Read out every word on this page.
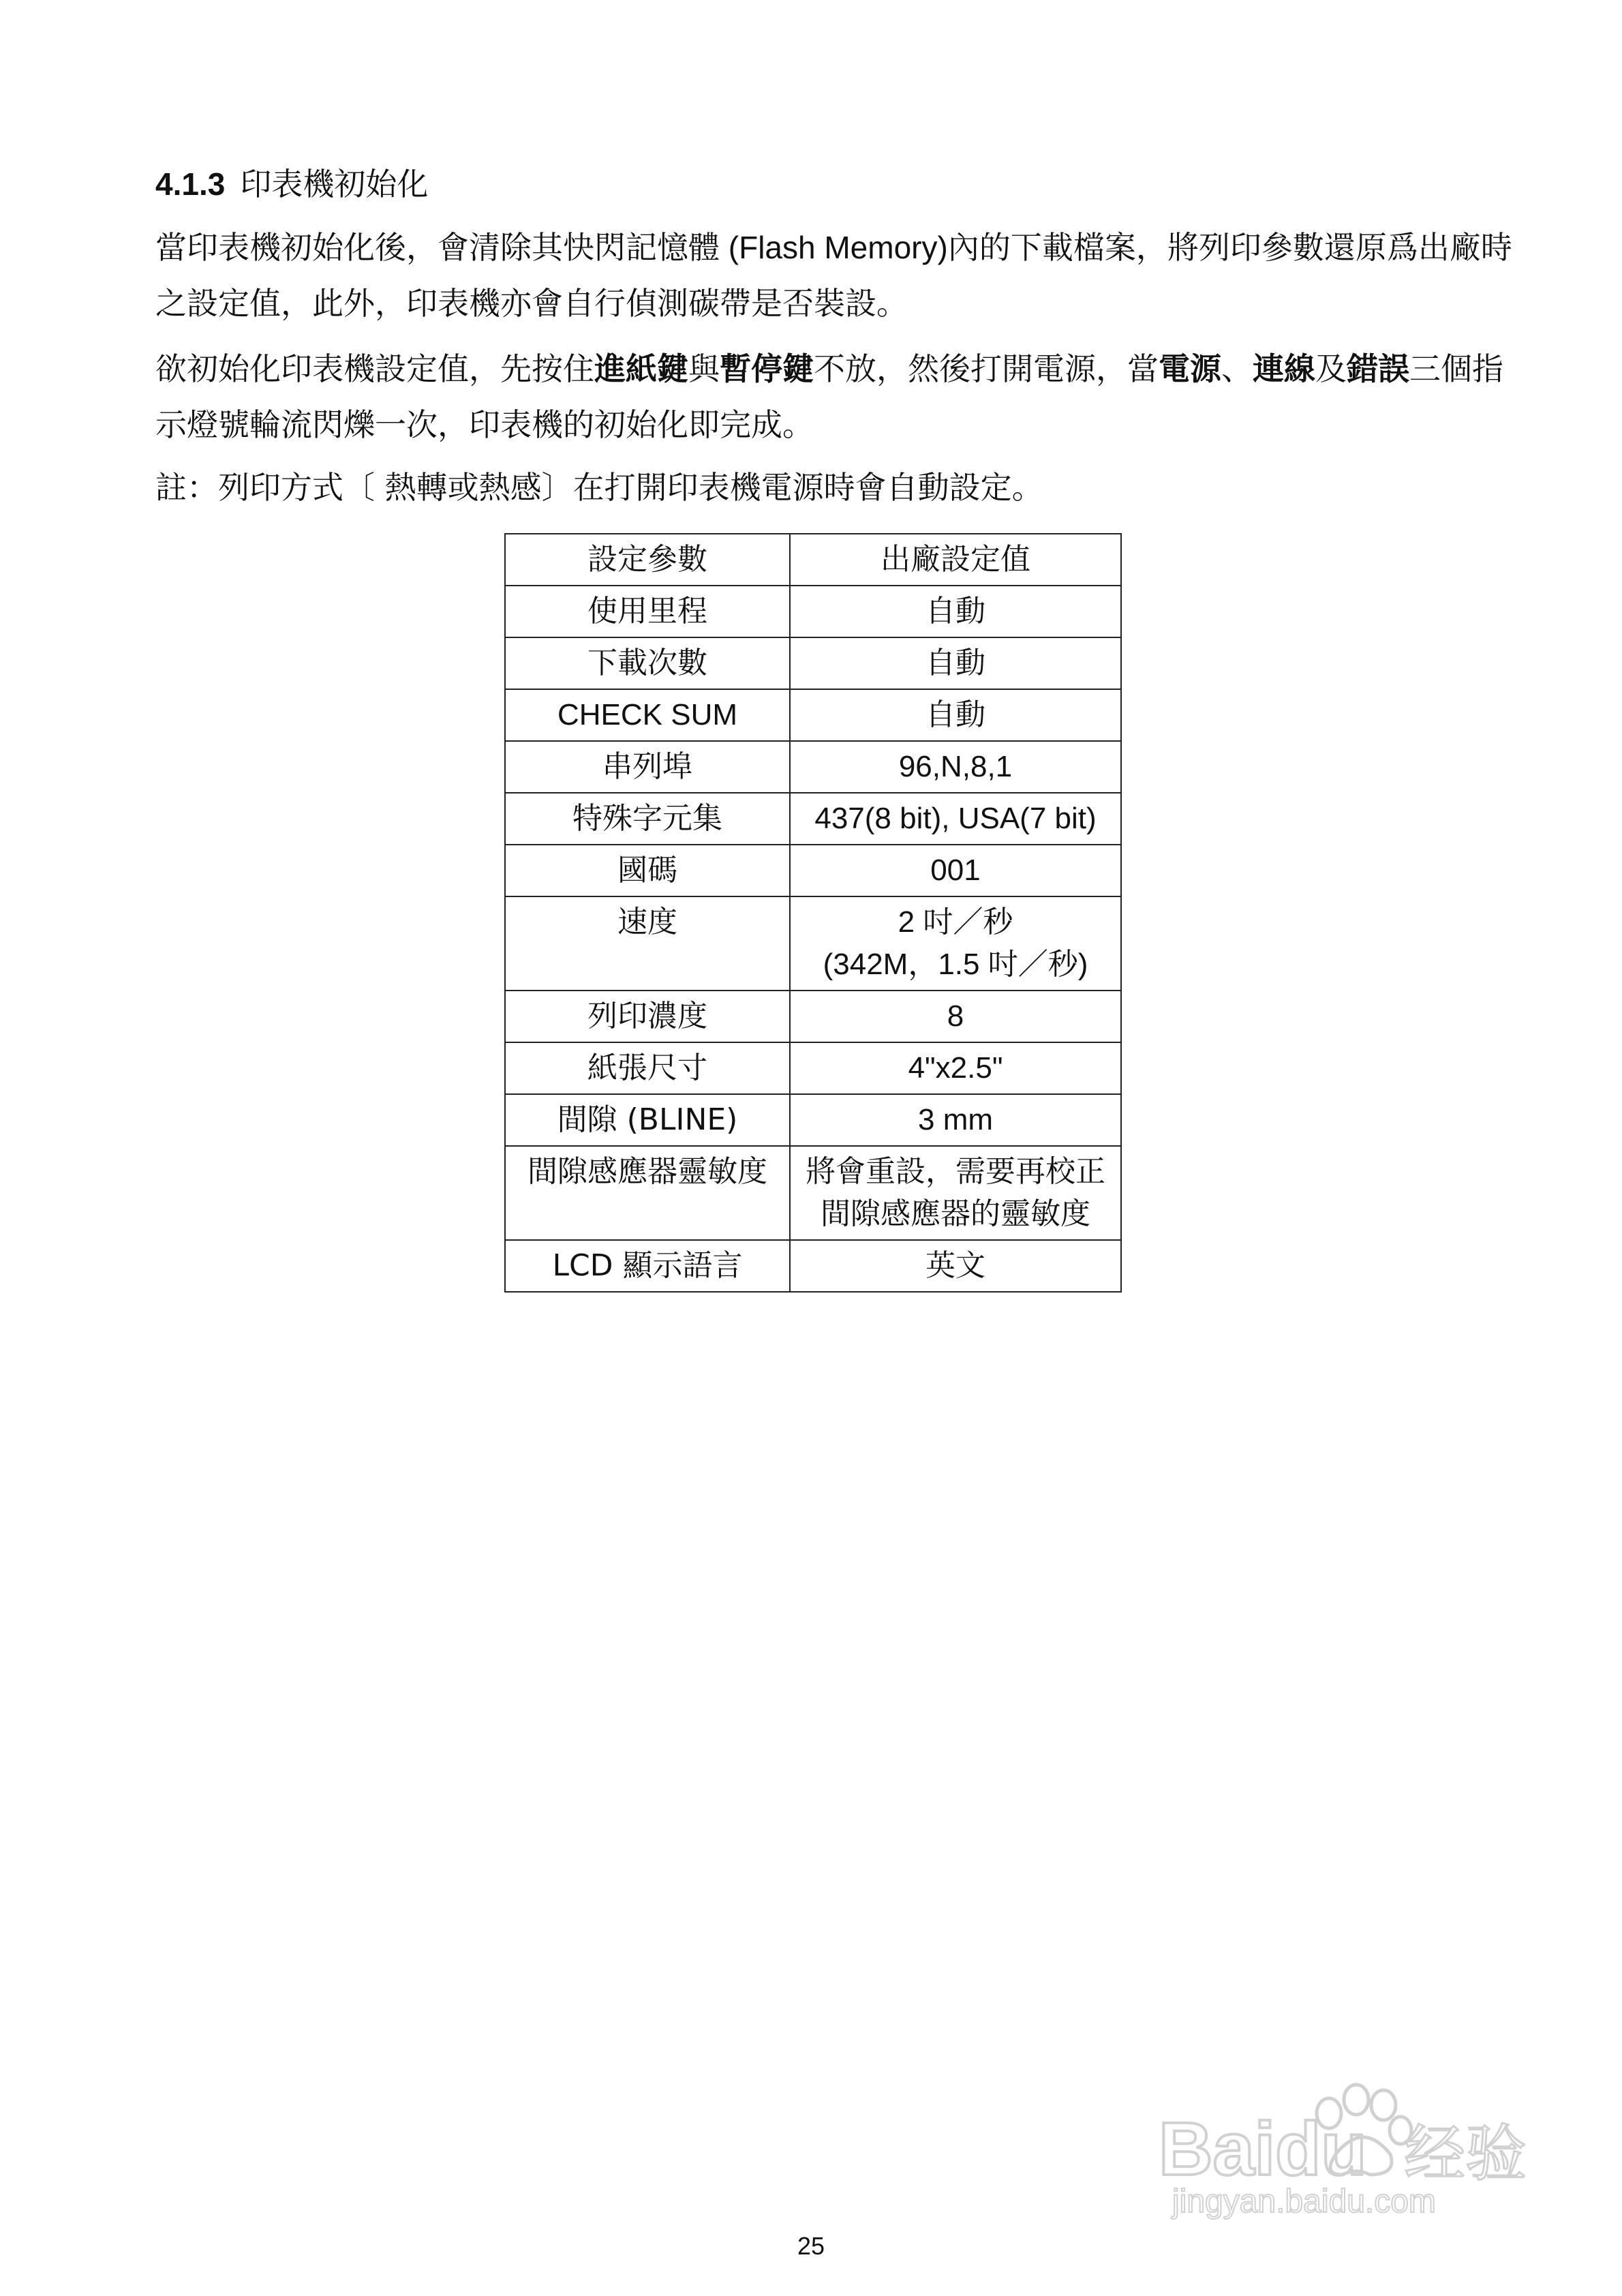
4.1.3 印表機初始化

當印表機初始化後，會清除其快閃記憶體 (Flash Memory)內的下載檔案，將列印參數還原爲出廠時之設定值，此外，印表機亦會自行偵測碳帶是否裝設。

欲初始化印表機設定值，先按住進紙鍵與暫停鍵不放，然後打開電源，當電源、連線及錯誤三個指示燈號輪流閃爍一次，印表機的初始化即完成。

註：列印方式〔 熱轉或熱感〕在打開印表機電源時會自動設定。

設定參數	出廠設定值
使用里程	自動
下載次數	自動
CHECK SUM	自動
串列埠	96,N,8,1
特殊字元集	437(8 bit), USA(7 bit)
國碼	001
速度	2 吋／秒
(342M，1.5 吋／秒)

列印濃度	8
紙張尺寸	4"x2.5"
間隙 (BLINE)	3 mm
間隙感應器靈敏度	將會重設，需要再校正
間隙感應器的靈敏度

LCD 顯示語言	英文
Baidu 经验
jingyan.baidu.com
25
